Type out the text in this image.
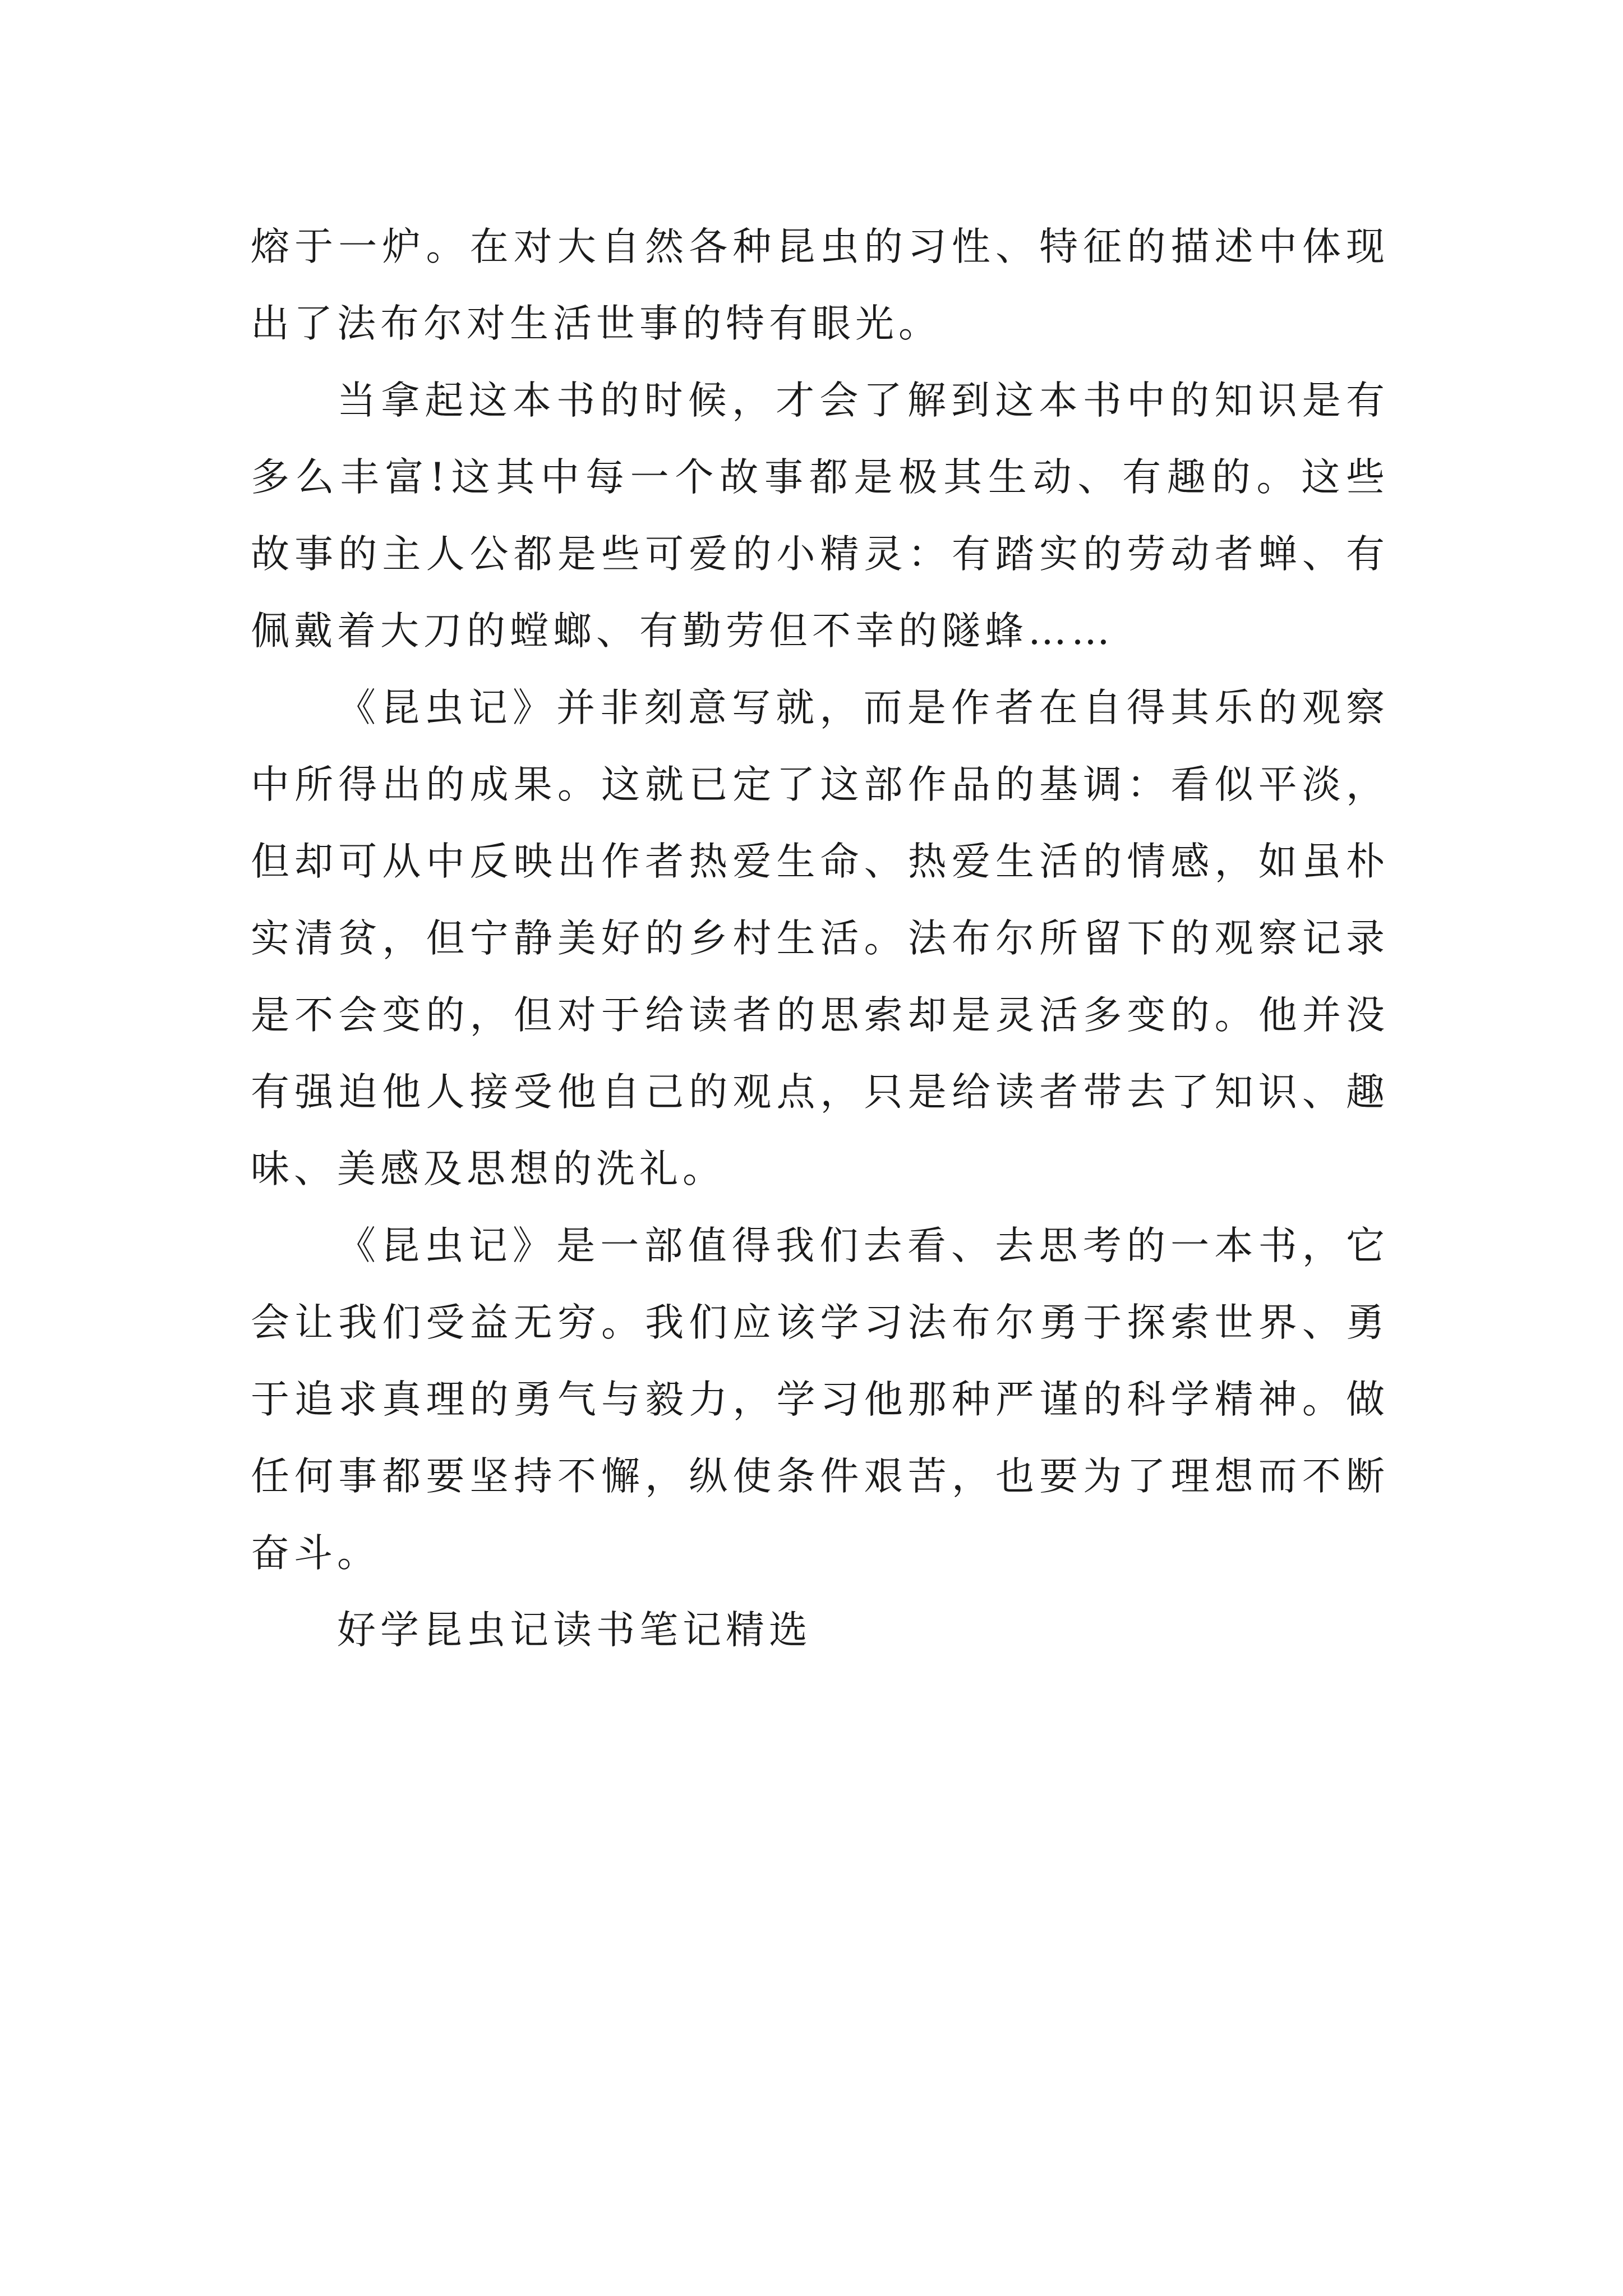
熔于一炉。在对大自然各种昆虫的习性、特征的描述中体现出了法布尔对生活世事的特有眼光。

当拿起这本书的时候，才会了解到这本书中的知识是有多么丰富!这其中每一个故事都是极其生动、有趣的。这些故事的主人公都是些可爱的小精灵：有踏实的劳动者蝉、有佩戴着大刀的螳螂、有勤劳但不幸的隧蜂……

《昆虫记》并非刻意写就，而是作者在自得其乐的观察中所得出的成果。这就已定了这部作品的基调：看似平淡，但却可从中反映出作者热爱生命、热爱生活的情感，如虽朴实清贫，但宁静美好的乡村生活。法布尔所留下的观察记录是不会变的，但对于给读者的思索却是灵活多变的。他并没有强迫他人接受他自己的观点，只是给读者带去了知识、趣味、美感及思想的洗礼。

《昆虫记》是一部值得我们去看、去思考的一本书，它会让我们受益无穷。我们应该学习法布尔勇于探索世界、勇于追求真理的勇气与毅力，学习他那种严谨的科学精神。做任何事都要坚持不懈，纵使条件艰苦，也要为了理想而不断奋斗。

好学昆虫记读书笔记精选
